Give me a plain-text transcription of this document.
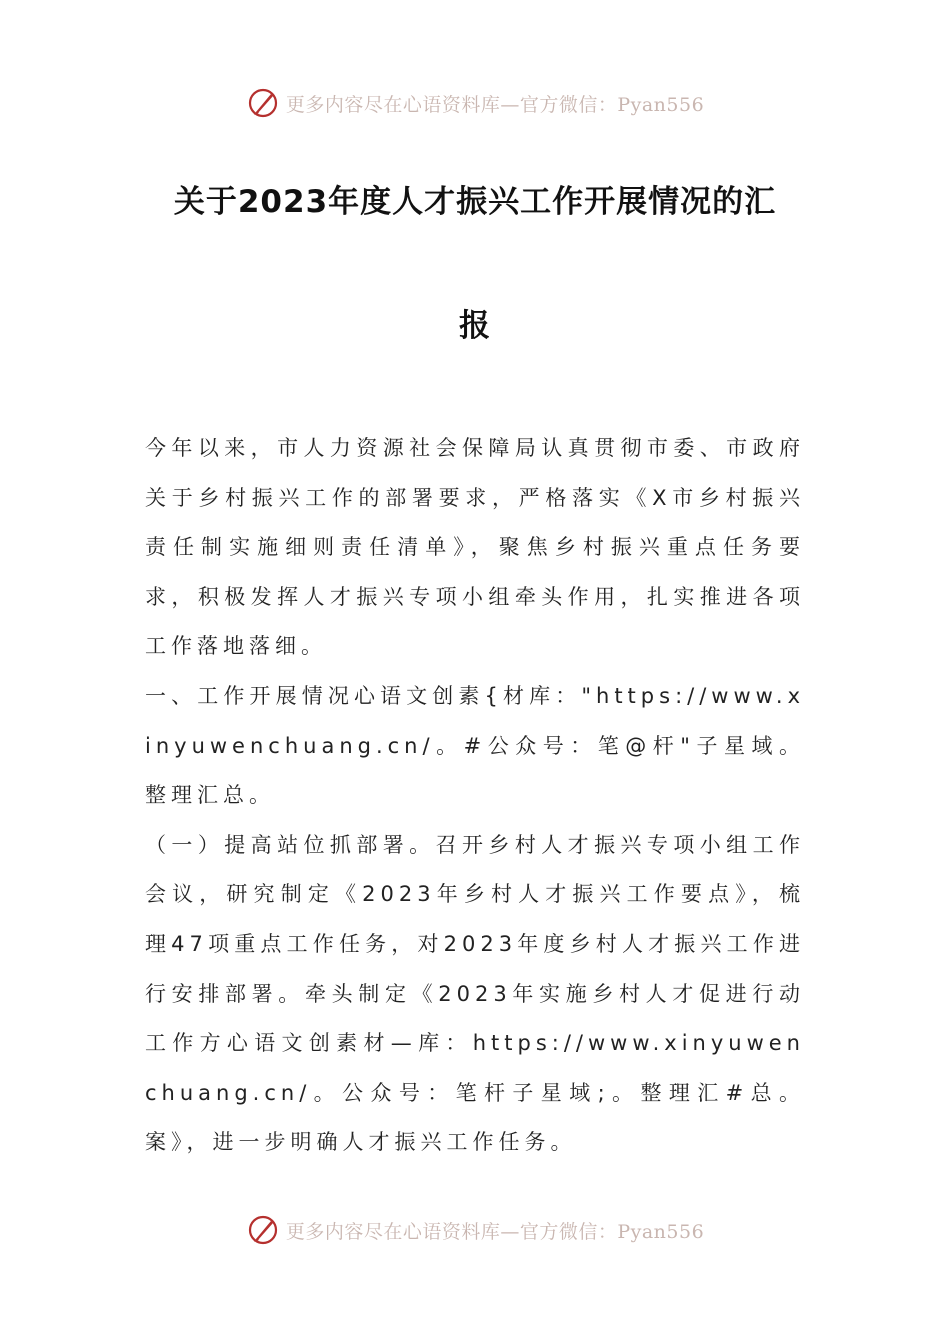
更多内容尽在心语资料库—官方微信：Pyan556
关于2023年度人才振兴工作开展情况的汇
报

今年以来，市人力资源社会保障局认真贯彻市委、市政府关于乡村振兴工作的部署要求，严格落实《X市乡村振兴责任制实施细则责任清单》，聚焦乡村振兴重点任务要求，积极发挥人才振兴专项小组牵头作用，扎实推进各项工作落地落细。

一、工作开展情况心语文创素{材库："https://www.xinyuwenchuang.cn/。#公众号：笔@杆"子星域。整理汇总。

（一）提高站位抓部署。召开乡村人才振兴专项小组工作会议，研究制定《2023年乡村人才振兴工作要点》，梳理47项重点工作任务，对2023年度乡村人才振兴工作进行安排部署。牵头制定《2023年实施乡村人才促进行动工作方心语文创素材—库：https://www.xinyuwenchuang.cn/。公众号：笔杆子星域;。整理汇#总。案》，进一步明确人才振兴工作任务。

更多内容尽在心语资料库—官方微信：Pyan556
